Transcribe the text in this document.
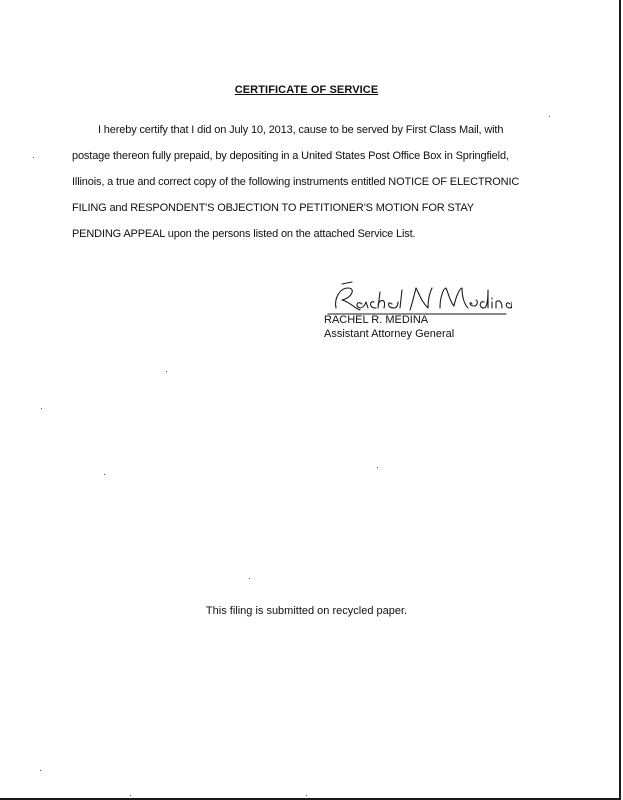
CERTIFICATE OF SERVICE
I hereby certify that I did on July 10, 2013, cause to be served by First Class Mail, with
postage thereon fully prepaid, by depositing in a United States Post Office Box in Springfield,
Illinois, a true and correct copy of the following instruments entitled NOTICE OF ELECTRONIC
FILING and RESPONDENT'S OBJECTION TO PETITIONER'S MOTION FOR STAY
PENDING APPEAL upon the persons listed on the attached Service List.
RACHEL R. MEDINA
Assistant Attorney General
This filing is submitted on recycled paper.
